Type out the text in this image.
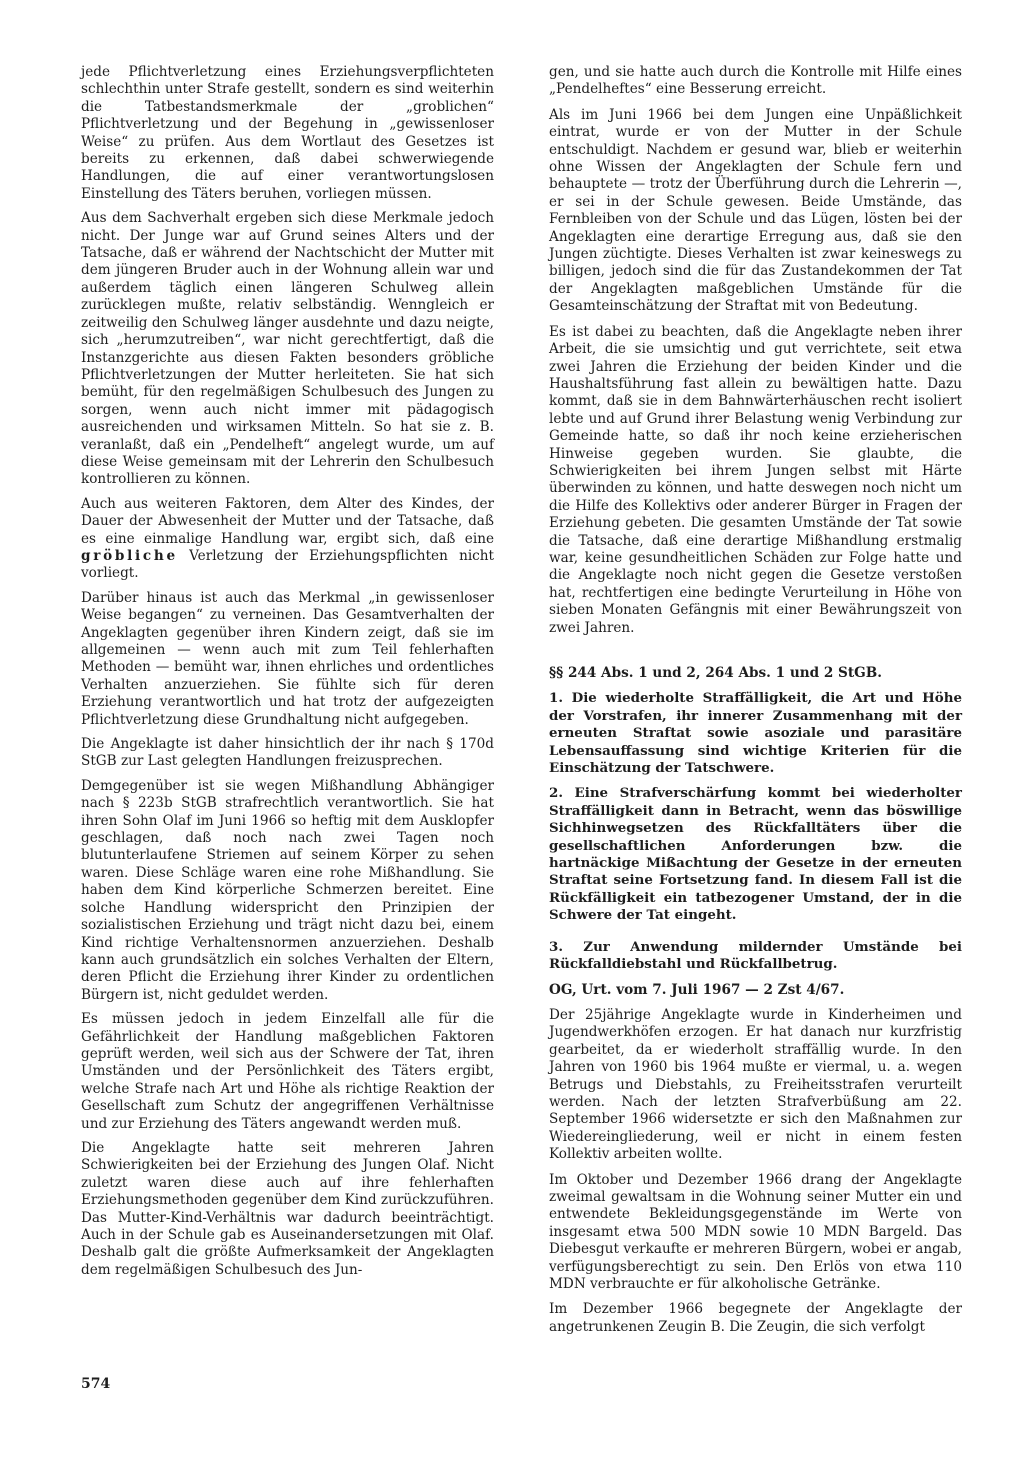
jede Pflichtverletzung eines Erziehungsverpflichteten schlechthin unter Strafe gestellt, sondern es sind weiterhin die Tatbestandsmerkmale der „groblichen“ Pflichtverletzung und der Begehung in „gewissenloser Weise“ zu prüfen. Aus dem Wortlaut des Gesetzes ist bereits zu erkennen, daß dabei schwerwiegende Handlungen, die auf einer verantwortungslosen Einstellung des Täters beruhen, vorliegen müssen.

Aus dem Sachverhalt ergeben sich diese Merkmale jedoch nicht. Der Junge war auf Grund seines Alters und der Tatsache, daß er während der Nachtschicht der Mutter mit dem jüngeren Bruder auch in der Wohnung allein war und außerdem täglich einen längeren Schulweg allein zurücklegen mußte, relativ selbständig. Wenngleich er zeitweilig den Schulweg länger ausdehnte und dazu neigte, sich „herumzutreiben“, war nicht gerechtfertigt, daß die Instanzgerichte aus diesen Fakten besonders gröbliche Pflichtverletzungen der Mutter herleiteten. Sie hat sich bemüht, für den regelmäßigen Schulbesuch des Jungen zu sorgen, wenn auch nicht immer mit pädagogisch ausreichenden und wirksamen Mitteln. So hat sie z. B. veranlaßt, daß ein „Pendelheft“ angelegt wurde, um auf diese Weise gemeinsam mit der Lehrerin den Schulbesuch kontrollieren zu können.

Auch aus weiteren Faktoren, dem Alter des Kindes, der Dauer der Abwesenheit der Mutter und der Tatsache, daß es eine einmalige Handlung war, ergibt sich, daß eine gröbliche Verletzung der Erziehungspflichten nicht vorliegt.

Darüber hinaus ist auch das Merkmal „in gewissenloser Weise begangen“ zu verneinen. Das Gesamtverhalten der Angeklagten gegenüber ihren Kindern zeigt, daß sie im allgemeinen — wenn auch mit zum Teil fehlerhaften Methoden — bemüht war, ihnen ehrliches und ordentliches Verhalten anzuerziehen. Sie fühlte sich für deren Erziehung verantwortlich und hat trotz der aufgezeigten Pflichtverletzung diese Grundhaltung nicht aufgegeben.

Die Angeklagte ist daher hinsichtlich der ihr nach § 170d StGB zur Last gelegten Handlungen freizusprechen.

Demgegenüber ist sie wegen Mißhandlung Abhängiger nach § 223b StGB strafrechtlich verantwortlich. Sie hat ihren Sohn Olaf im Juni 1966 so heftig mit dem Ausklopfer geschlagen, daß noch nach zwei Tagen noch blutunterlaufene Striemen auf seinem Körper zu sehen waren. Diese Schläge waren eine rohe Mißhandlung. Sie haben dem Kind körperliche Schmerzen bereitet. Eine solche Handlung widerspricht den Prinzipien der sozialistischen Erziehung und trägt nicht dazu bei, einem Kind richtige Verhaltensnormen anzuerziehen. Deshalb kann auch grundsätzlich ein solches Verhalten der Eltern, deren Pflicht die Erziehung ihrer Kinder zu ordentlichen Bürgern ist, nicht geduldet werden.

Es müssen jedoch in jedem Einzelfall alle für die Gefährlichkeit der Handlung maßgeblichen Faktoren geprüft werden, weil sich aus der Schwere der Tat, ihren Umständen und der Persönlichkeit des Täters ergibt, welche Strafe nach Art und Höhe als richtige Reaktion der Gesellschaft zum Schutz der angegriffenen Verhältnisse und zur Erziehung des Täters angewandt werden muß.

Die Angeklagte hatte seit mehreren Jahren Schwierigkeiten bei der Erziehung des Jungen Olaf. Nicht zuletzt waren diese auch auf ihre fehlerhaften Erziehungsmethoden gegenüber dem Kind zurückzuführen. Das Mutter-Kind-Verhältnis war dadurch beeinträchtigt. Auch in der Schule gab es Auseinandersetzungen mit Olaf. Deshalb galt die größte Aufmerksamkeit der Angeklagten dem regelmäßigen Schulbesuch des Jun-

gen, und sie hatte auch durch die Kontrolle mit Hilfe eines „Pendelheftes“ eine Besserung erreicht.

Als im Juni 1966 bei dem Jungen eine Unpäßlichkeit eintrat, wurde er von der Mutter in der Schule entschuldigt. Nachdem er gesund war, blieb er weiterhin ohne Wissen der Angeklagten der Schule fern und behauptete — trotz der Überführung durch die Lehrerin —, er sei in der Schule gewesen. Beide Umstände, das Fernbleiben von der Schule und das Lügen, lösten bei der Angeklagten eine derartige Erregung aus, daß sie den Jungen züchtigte. Dieses Verhalten ist zwar keineswegs zu billigen, jedoch sind die für das Zustandekommen der Tat der Angeklagten maßgeblichen Umstände für die Gesamteinschätzung der Straftat mit von Bedeutung.

Es ist dabei zu beachten, daß die Angeklagte neben ihrer Arbeit, die sie umsichtig und gut verrichtete, seit etwa zwei Jahren die Erziehung der beiden Kinder und die Haushaltsführung fast allein zu bewältigen hatte. Dazu kommt, daß sie in dem Bahnwärterhäuschen recht isoliert lebte und auf Grund ihrer Belastung wenig Verbindung zur Gemeinde hatte, so daß ihr noch keine erzieherischen Hinweise gegeben wurden. Sie glaubte, die Schwierigkeiten bei ihrem Jungen selbst mit Härte überwinden zu können, und hatte deswegen noch nicht um die Hilfe des Kollektivs oder anderer Bürger in Fragen der Erziehung gebeten. Die gesamten Umstände der Tat sowie die Tatsache, daß eine derartige Mißhandlung erstmalig war, keine gesundheitlichen Schäden zur Folge hatte und die Angeklagte noch nicht gegen die Gesetze verstoßen hat, rechtfertigen eine bedingte Verurteilung in Höhe von sieben Monaten Gefängnis mit einer Bewährungszeit von zwei Jahren.

§§ 244 Abs. 1 und 2, 264 Abs. 1 und 2 StGB.

1. Die wiederholte Straffälligkeit, die Art und Höhe der Vorstrafen, ihr innerer Zusammenhang mit der erneuten Straftat sowie asoziale und parasitäre Lebensauffassung sind wichtige Kriterien für die Einschätzung der Tatschwere.

2. Eine Strafverschärfung kommt bei wiederholter Straffälligkeit dann in Betracht, wenn das böswillige Sichhinwegsetzen des Rückfalltäters über die gesellschaftlichen Anforderungen bzw. die hartnäckige Mißachtung der Gesetze in der erneuten Straftat seine Fortsetzung fand. In diesem Fall ist die Rückfälligkeit ein tatbezogener Umstand, der in die Schwere der Tat eingeht.

3. Zur Anwendung mildernder Umstände bei Rückfalldiebstahl und Rückfallbetrug.

OG, Urt. vom 7. Juli 1967 — 2 Zst 4/67.

Der 25jährige Angeklagte wurde in Kinderheimen und Jugendwerkhöfen erzogen. Er hat danach nur kurzfristig gearbeitet, da er wiederholt straffällig wurde. In den Jahren von 1960 bis 1964 mußte er viermal, u. a. wegen Betrugs und Diebstahls, zu Freiheitsstrafen verurteilt werden. Nach der letzten Strafverbüßung am 22. September 1966 widersetzte er sich den Maßnahmen zur Wiedereingliederung, weil er nicht in einem festen Kollektiv arbeiten wollte.

Im Oktober und Dezember 1966 drang der Angeklagte zweimal gewaltsam in die Wohnung seiner Mutter ein und entwendete Bekleidungsgegenstände im Werte von insgesamt etwa 500 MDN sowie 10 MDN Bargeld. Das Diebesgut verkaufte er mehreren Bürgern, wobei er angab, verfügungsberechtigt zu sein. Den Erlös von etwa 110 MDN verbrauchte er für alkoholische Getränke.

Im Dezember 1966 begegnete der Angeklagte der angetrunkenen Zeugin B. Die Zeugin, die sich verfolgt

574
